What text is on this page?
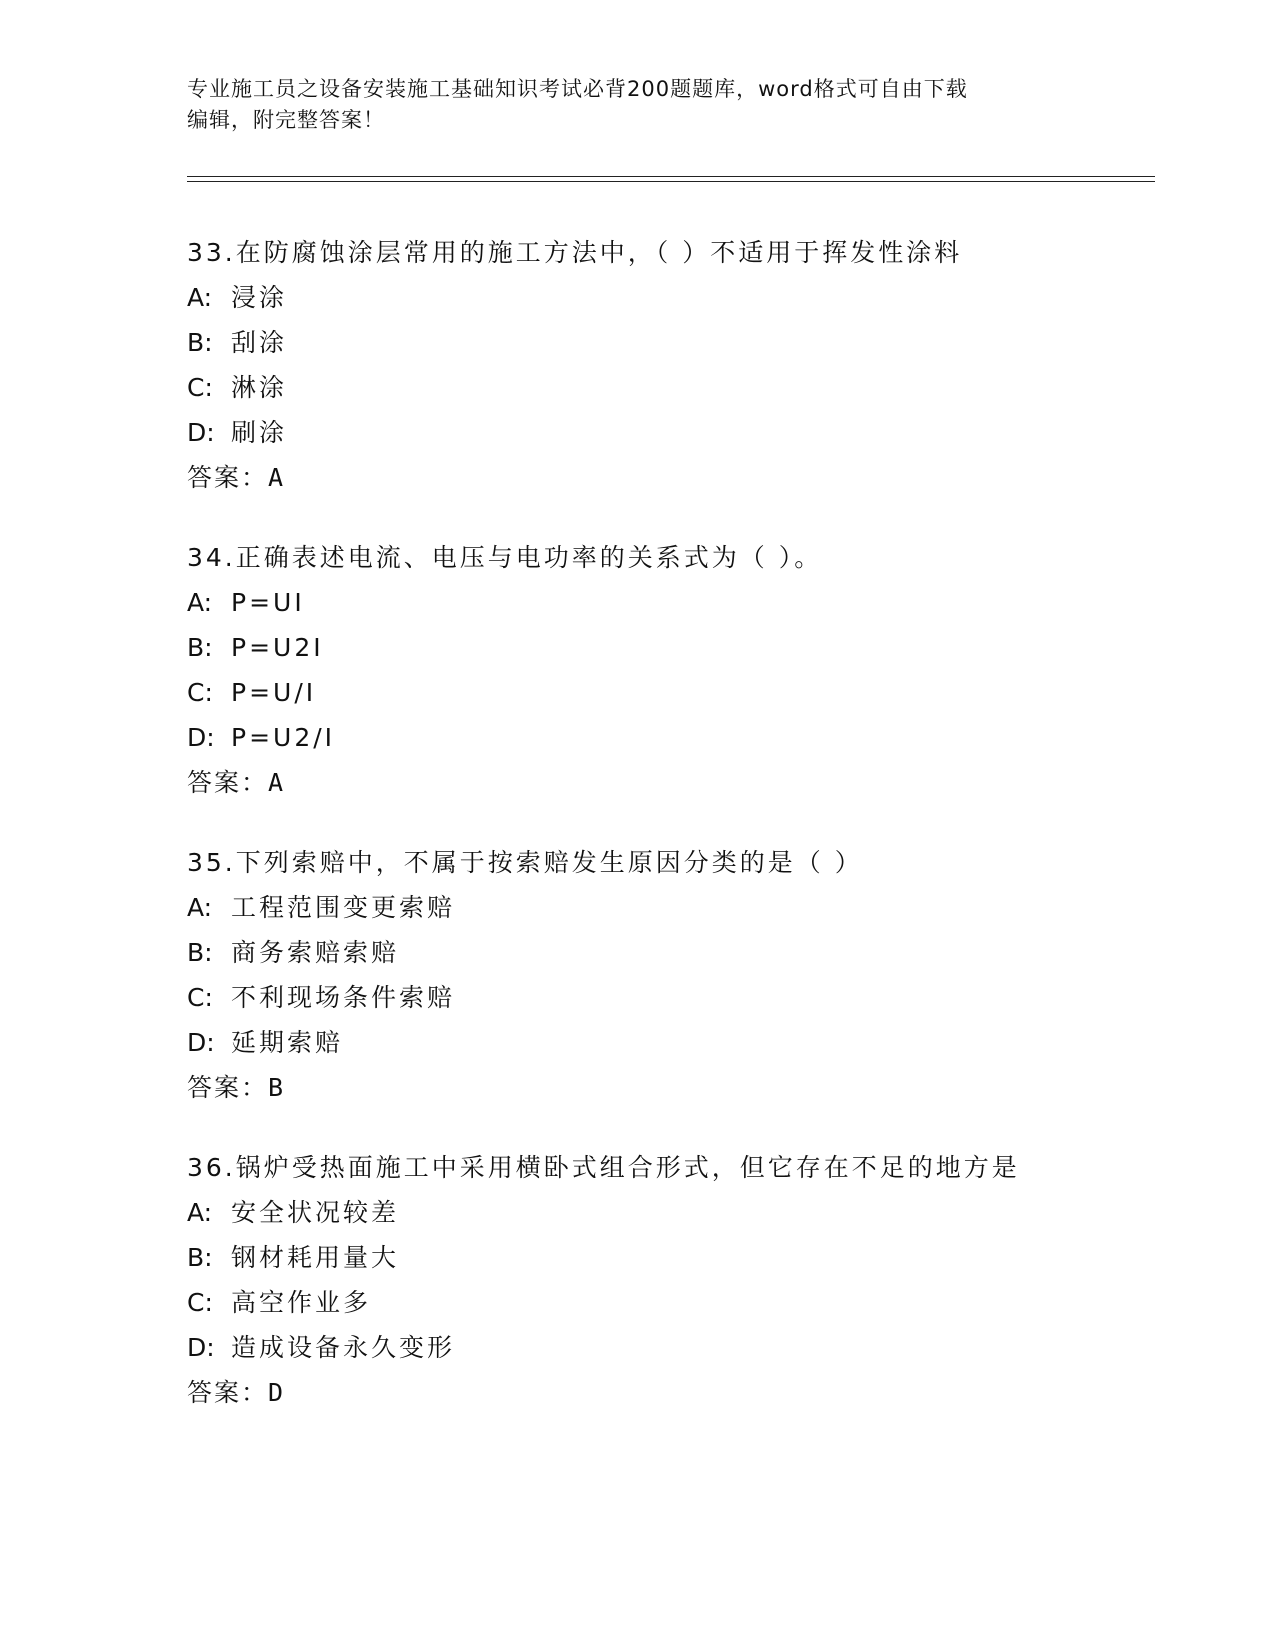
专业施工员之设备安装施工基础知识考试必背200题题库，word格式可自由下载
编辑，附完整答案！
33.在防腐蚀涂层常用的施工方法中，（ ）不适用于挥发性涂料
A: 浸涂
B: 刮涂
C: 淋涂
D: 刷涂
答案：A
34.正确表述电流、电压与电功率的关系式为（ ）。
A: P=UI
B: P=U2I
C: P=U/I
D: P=U2/I
答案：A
35.下列索赔中，不属于按索赔发生原因分类的是（ ）
A: 工程范围变更索赔
B: 商务索赔索赔
C: 不利现场条件索赔
D: 延期索赔
答案：B
36.锅炉受热面施工中采用横卧式组合形式，但它存在不足的地方是
A: 安全状况较差
B: 钢材耗用量大
C: 高空作业多
D: 造成设备永久变形
答案：D
